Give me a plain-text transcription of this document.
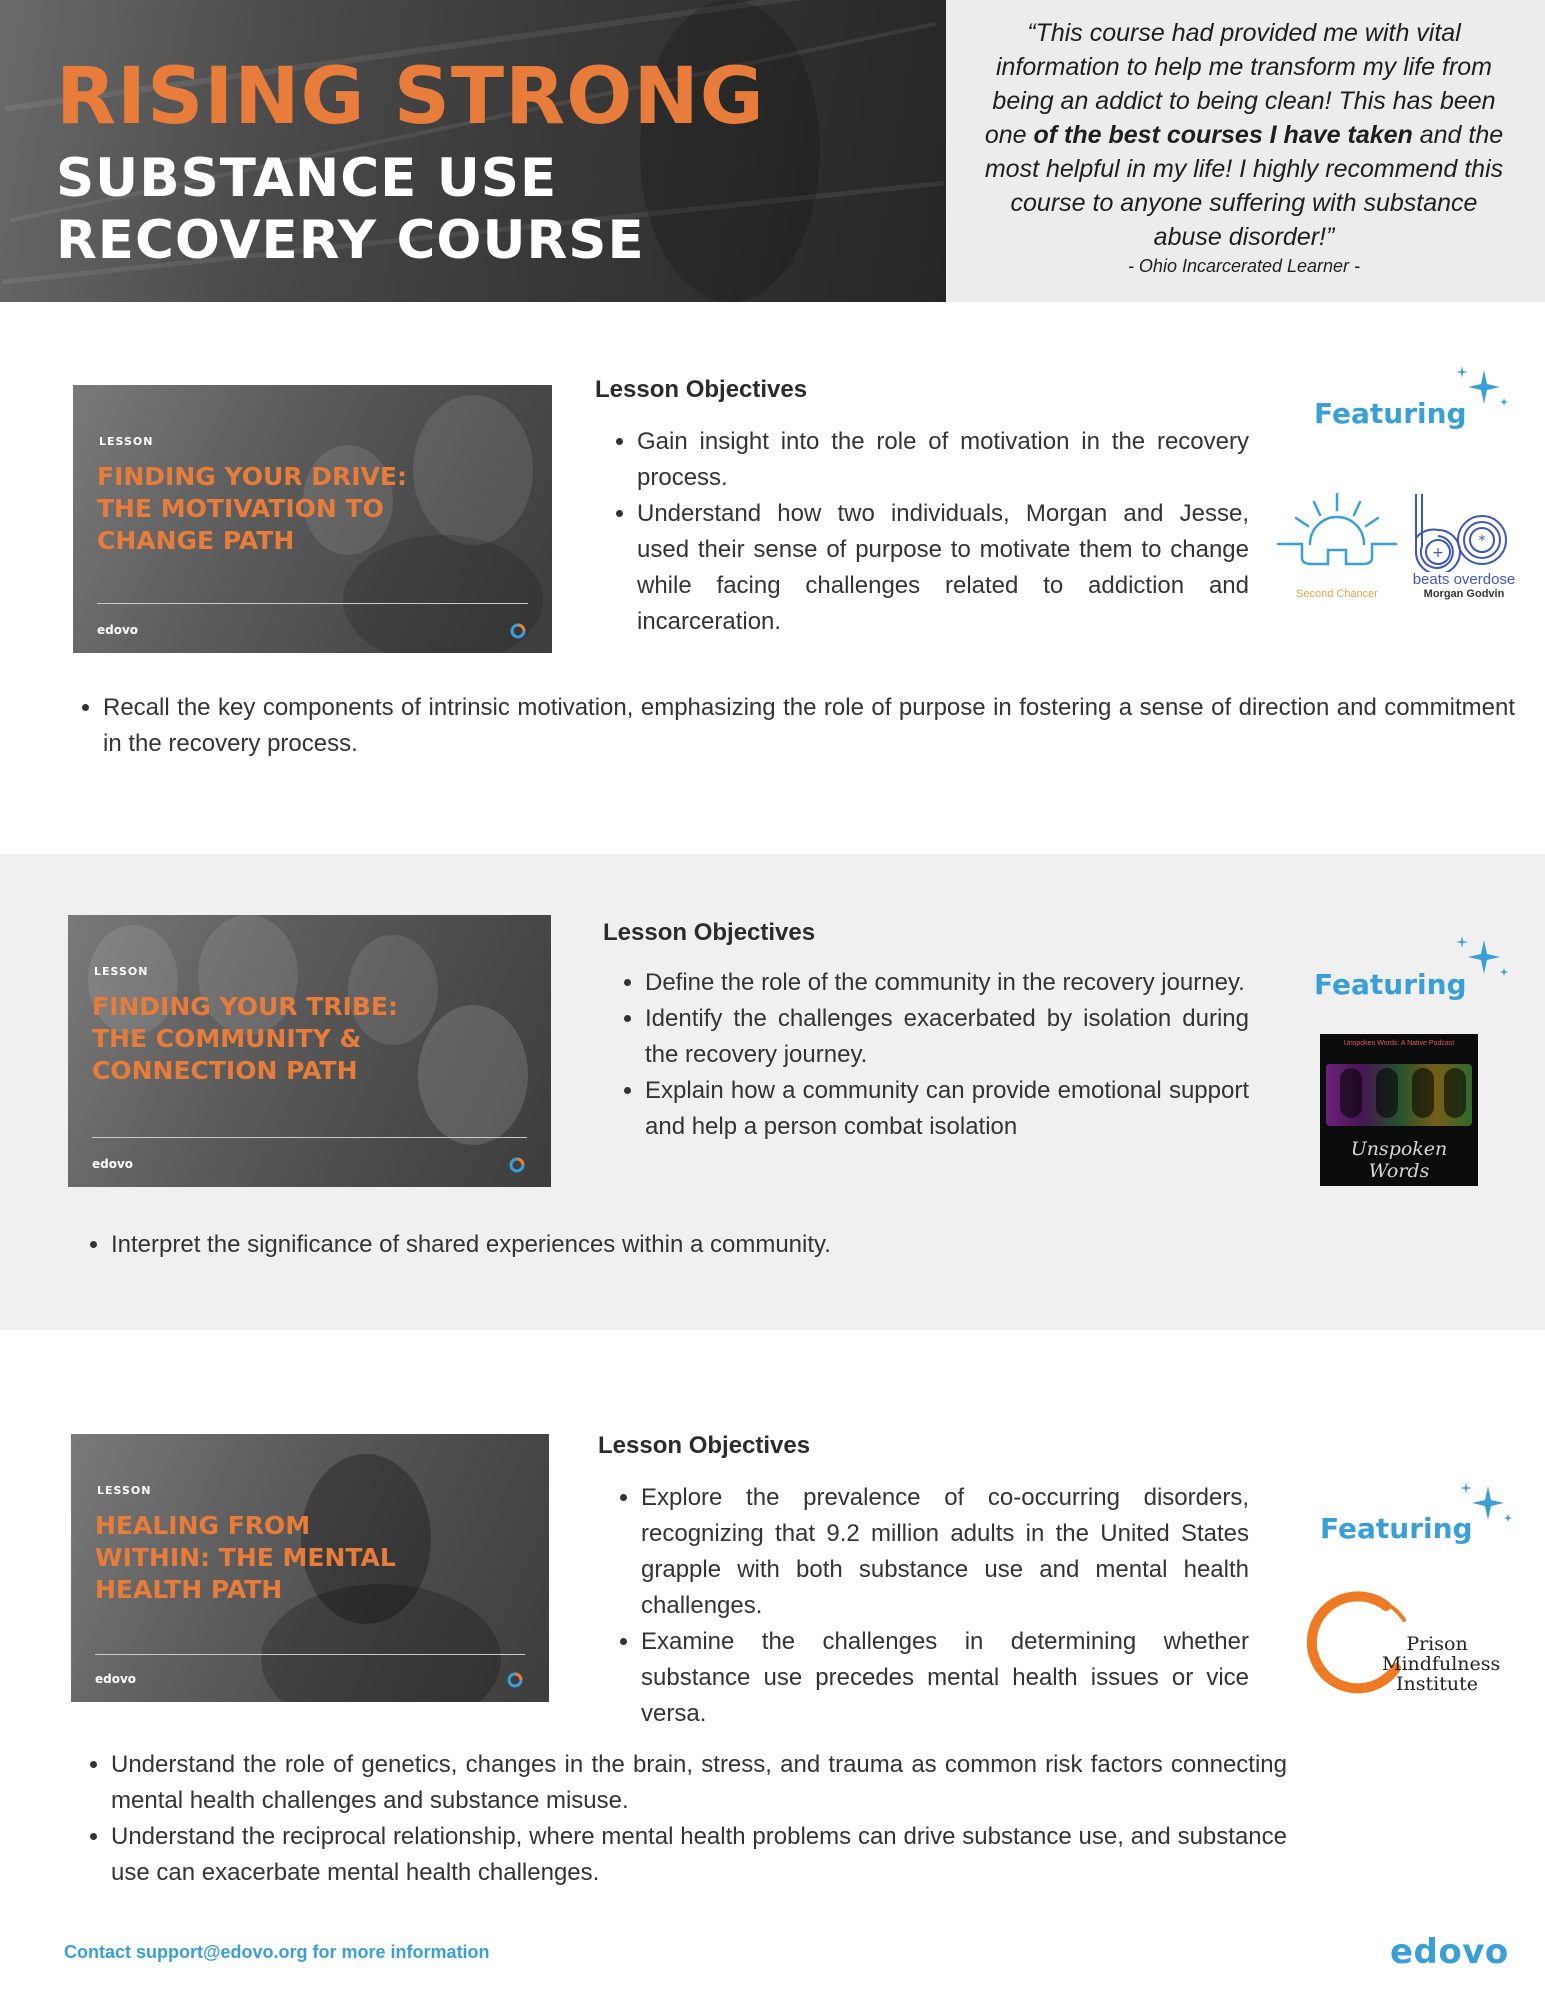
RISING STRONG
SUBSTANCE USE
RECOVERY COURSE

“This course had provided me with vital information to help me transform my life from being an addict to being clean! This has been one of the best courses I have taken and the most helpful in my life! I highly recommend this course to anyone suffering with substance abuse disorder!”

- Ohio Incarcerated Learner -

LESSON

FINDING YOUR DRIVE: THE MOTIVATION TO CHANGE PATH

edovo
Lesson Objectives
• Gain insight into the role of motivation in the recovery process.
• Understand how two individuals, Morgan and Jesse, used their sense of purpose to motivate them to change while facing challenges related to addiction and incarceration.
• Recall the key components of intrinsic motivation, emphasizing the role of purpose in fostering a sense of direction and commitment in the recovery process.

Featuring

Second Chancer
+
*
beats overdose
Morgan Godvin
LESSON

FINDING YOUR TRIBE: THE COMMUNITY & CONNECTION PATH

edovo
Lesson Objectives
• Define the role of the community in the recovery journey.
• Identify the challenges exacerbated by isolation during the recovery journey.
• Explain how a community can provide emotional support and help a person combat isolation
• Interpret the significance of shared experiences within a community.

Featuring

Unspoken Words: A Native Podcast
Unspoken Words
LESSON

HEALING FROM WITHIN: THE MENTAL HEALTH PATH

edovo
Lesson Objectives
• Explore the prevalence of co-occurring disorders, recognizing that 9.2 million adults in the United States grapple with both substance use and mental health challenges.
• Examine the challenges in determining whether substance use precedes mental health issues or vice versa.
• Understand the role of genetics, changes in the brain, stress, and trauma as common risk factors connecting mental health challenges and substance misuse.
• Understand the reciprocal relationship, where mental health problems can drive substance use, and substance use can exacerbate mental health challenges.

Featuring

Prison
Mindfulness
Institute

Contact support@edovo.org for more information	edovo
